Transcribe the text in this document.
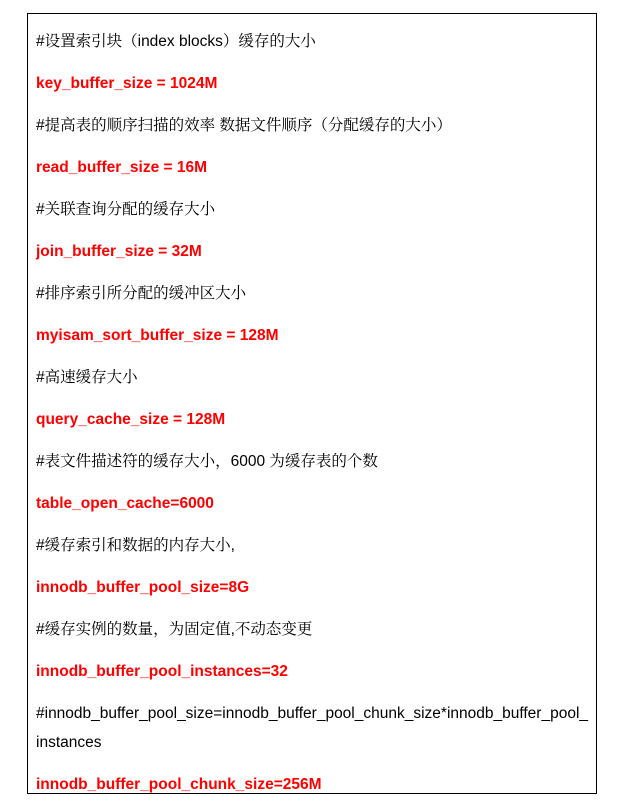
#设置索引块（index blocks）缓存的大小
key_buffer_size = 1024M
#提高表的顺序扫描的效率 数据文件顺序（分配缓存的大小）
read_buffer_size = 16M
#关联查询分配的缓存大小
join_buffer_size = 32M
#排序索引所分配的缓冲区大小
myisam_sort_buffer_size = 128M
#高速缓存大小
query_cache_size = 128M
#表文件描述符的缓存大小，6000 为缓存表的个数
table_open_cache=6000
#缓存索引和数据的内存大小,
innodb_buffer_pool_size=8G
#缓存实例的数量，为固定值,不动态变更
innodb_buffer_pool_instances=32
#innodb_buffer_pool_size=innodb_buffer_pool_chunk_size*innodb_buffer_pool_instances
innodb_buffer_pool_chunk_size=256M
